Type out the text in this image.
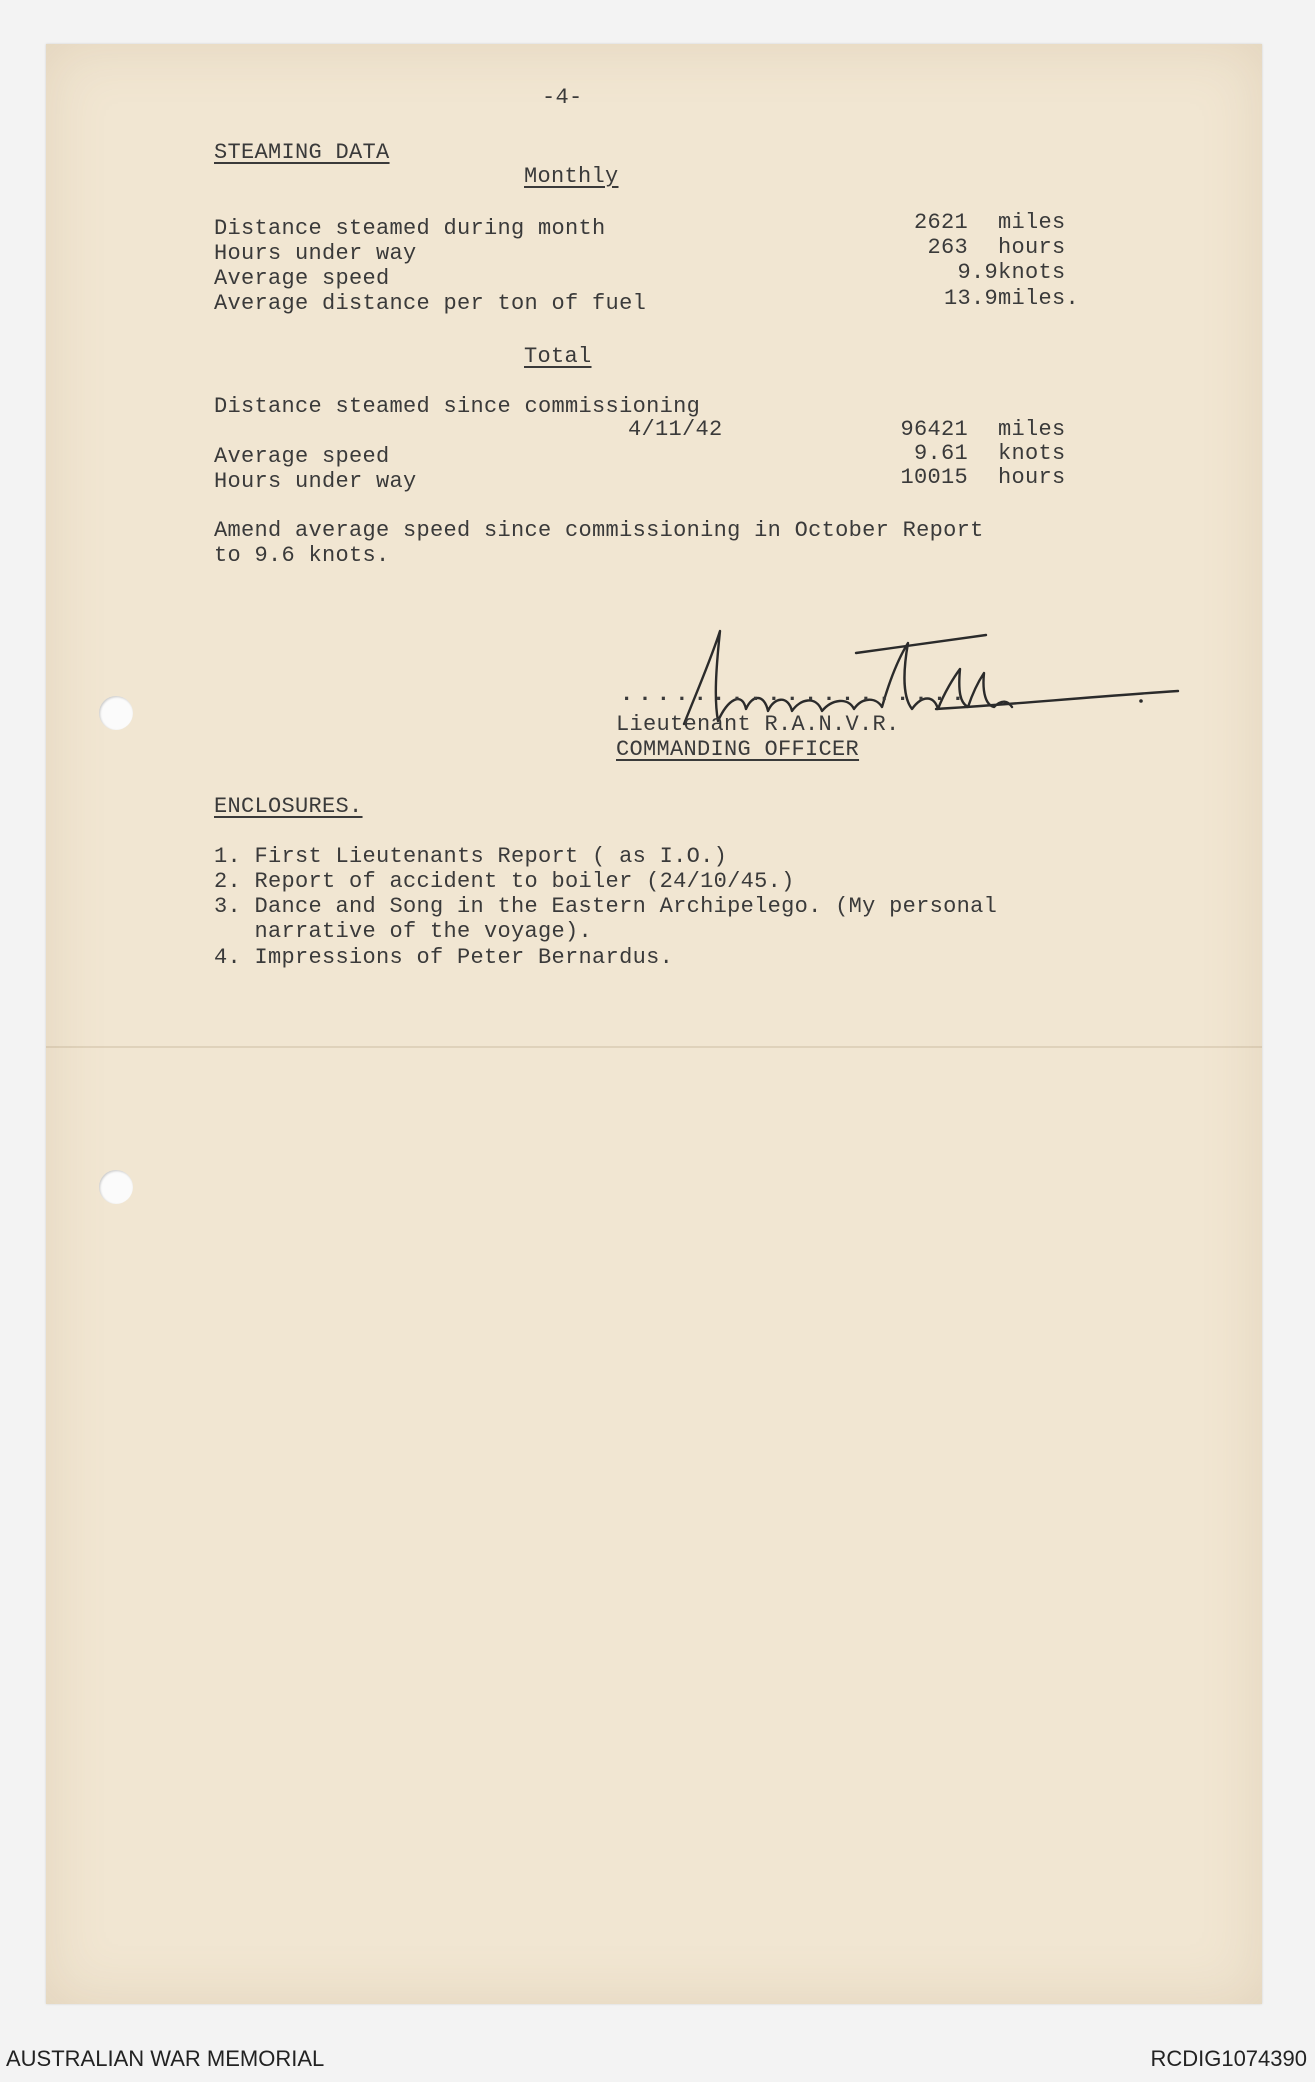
-4-
STEAMING DATA
Monthly
Distance steamed during month	2621 miles
Hours under way	263 hours
Average speed	9.9 knots
Average distance per ton of fuel	13.9 miles.
Total
Distance steamed since commissioning
4/11/42	96421 miles
Average speed	9.61 knots
Hours under way	10015 hours
Amend average speed since commissioning in October Report
to 9.6 knots.
...................
Lieutenant R.A.N.V.R.
COMMANDING OFFICER
ENCLOSURES.
1. First Lieutenants Report ( as I.O.)
2. Report of accident to boiler (24/10/45.)
3. Dance and Song in the Eastern Archipelego. (My personal
narrative of the voyage).
4. Impressions of Peter Bernardus.
AUSTRALIAN WAR MEMORIAL	RCDIG1074390
